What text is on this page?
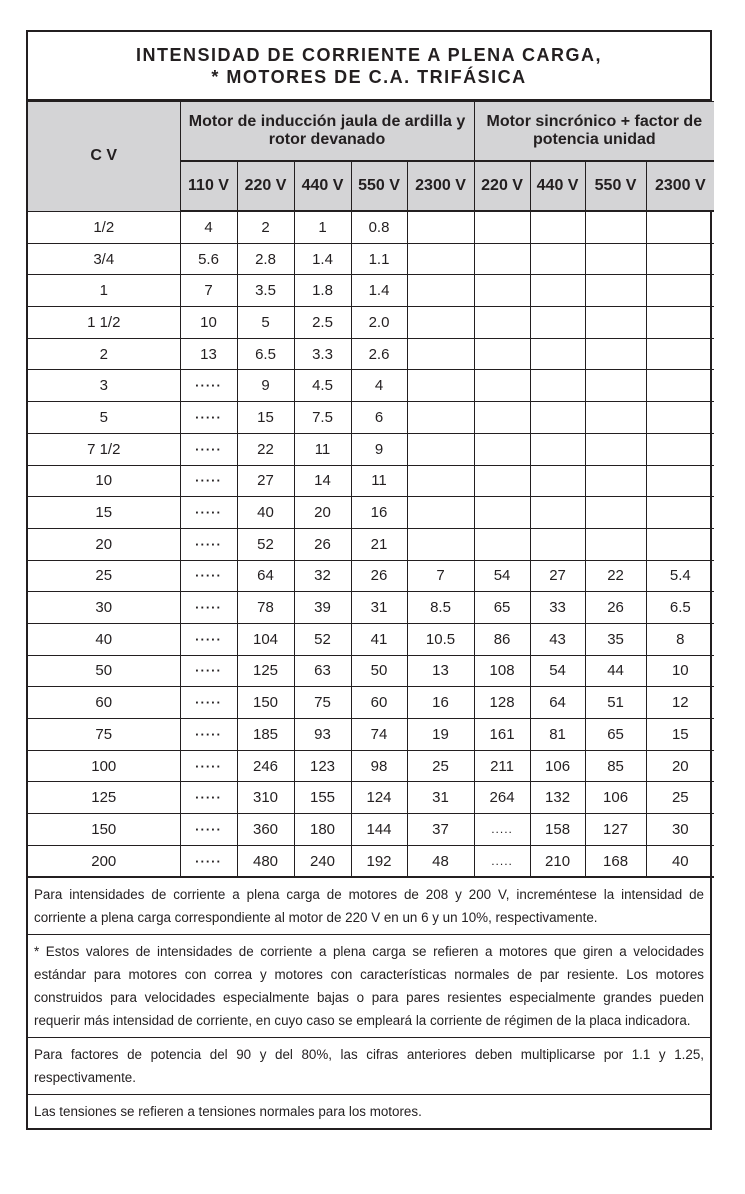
INTENSIDAD DE CORRIENTE A PLENA CARGA,
* MOTORES DE C.A. TRIFÁSICA
C V	Motor de inducción jaula de ardilla y rotor devanado					Motor sincrónico + factor de potencia unidad			
	110 V	220 V	440 V	550 V	2300 V	220 V	440 V	550 V	2300 V
1/2	4	2	1	0.8					
3/4	5.6	2.8	1.4	1.1					
1	7	3.5	1.8	1.4					
1 1/2	10	5	2.5	2.0					
2	13	6.5	3.3	2.6					
3	·····	9	4.5	4					
5	·····	15	7.5	6					
7 1/2	·····	22	11	9					
10	·····	27	14	11					
15	·····	40	20	16					
20	·····	52	26	21					
25	·····	64	32	26	7	54	27	22	5.4
30	·····	78	39	31	8.5	65	33	26	6.5
40	·····	104	52	41	10.5	86	43	35	8
50	·····	125	63	50	13	108	54	44	10
60	·····	150	75	60	16	128	64	51	12
75	·····	185	93	74	19	161	81	65	15
100	·····	246	123	98	25	211	106	85	20
125	·····	310	155	124	31	264	132	106	25
150	·····	360	180	144	37	.....	158	127	30
200	·····	480	240	192	48	.....	210	168	40
Para intensidades de corriente a plena carga de motores de 208 y 200 V, increméntese la intensidad de corriente a plena carga correspondiente al motor de 220 V en un 6 y un 10%, respectivamente.
* Estos valores de intensidades de corriente a plena carga se refieren a motores que giren a velocidades estándar para motores con correa y motores con características normales de par resiente. Los motores construidos para velocidades especialmente bajas o para pares resientes especialmente grandes pueden requerir más intensidad de corriente, en cuyo caso se empleará la corriente de régimen de la placa indicadora.
Para factores de potencia del 90 y del 80%, las cifras anteriores deben multiplicarse por 1.1 y 1.25, respectivamente.
Las tensiones se refieren a tensiones normales para los motores.
